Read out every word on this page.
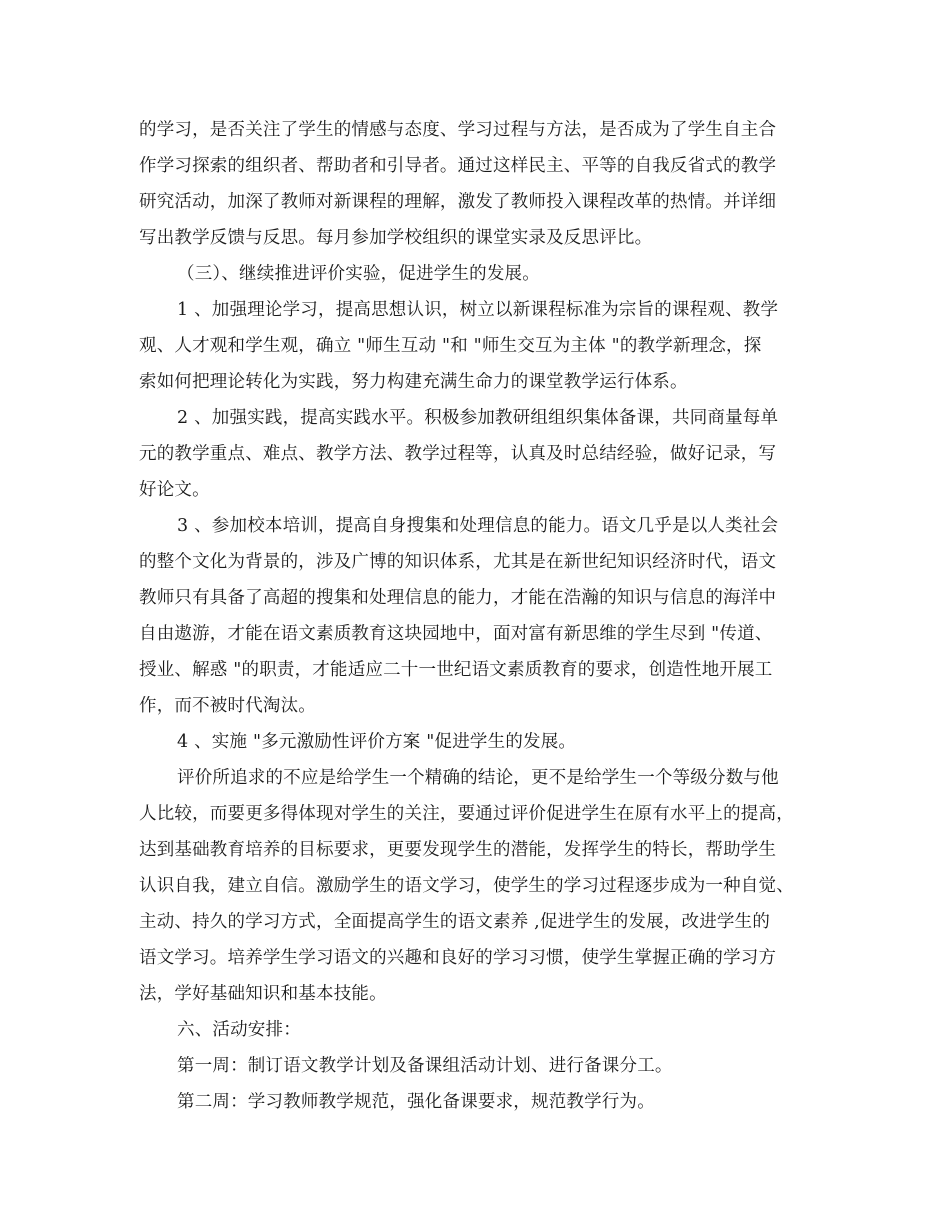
的学习，是否关注了学生的情感与态度、学习过程与方法，是否成为了学生自主合
作学习探索的组织者、帮助者和引导者。通过这样民主、平等的自我反省式的教学
研究活动，加深了教师对新课程的理解，激发了教师投入课程改革的热情。并详细
写出教学反馈与反思。每月参加学校组织的课堂实录及反思评比。
（三）、继续推进评价实验，促进学生的发展。
1 、加强理论学习，提高思想认识，树立以新课程标准为宗旨的课程观、教学
观、人才观和学生观，确立 "师生互动 "和 "师生交互为主体 "的教学新理念，探
索如何把理论转化为实践，努力构建充满生命力的课堂教学运行体系。
2 、加强实践，提高实践水平。积极参加教研组组织集体备课，共同商量每单
元的教学重点、难点、教学方法、教学过程等，认真及时总结经验，做好记录，写
好论文。
3 、参加校本培训，提高自身搜集和处理信息的能力。语文几乎是以人类社会
的整个文化为背景的，涉及广博的知识体系，尤其是在新世纪知识经济时代，语文
教师只有具备了高超的搜集和处理信息的能力，才能在浩瀚的知识与信息的海洋中
自由遨游，才能在语文素质教育这块园地中，面对富有新思维的学生尽到 "传道、
授业、解惑 "的职责，才能适应二十一世纪语文素质教育的要求，创造性地开展工
作，而不被时代淘汰。
4 、实施 "多元激励性评价方案 "促进学生的发展。
评价所追求的不应是给学生一个精确的结论，更不是给学生一个等级分数与他
人比较，而要更多得体现对学生的关注，要通过评价促进学生在原有水平上的提高，
达到基础教育培养的目标要求，更要发现学生的潜能，发挥学生的特长，帮助学生
认识自我，建立自信。激励学生的语文学习，使学生的学习过程逐步成为一种自觉、
主动、持久的学习方式，全面提高学生的语文素养 ,促进学生的发展，改进学生的
语文学习。培养学生学习语文的兴趣和良好的学习习惯，使学生掌握正确的学习方
法，学好基础知识和基本技能。
六、活动安排：
第一周：制订语文教学计划及备课组活动计划、进行备课分工。
第二周：学习教师教学规范，强化备课要求，规范教学行为。
